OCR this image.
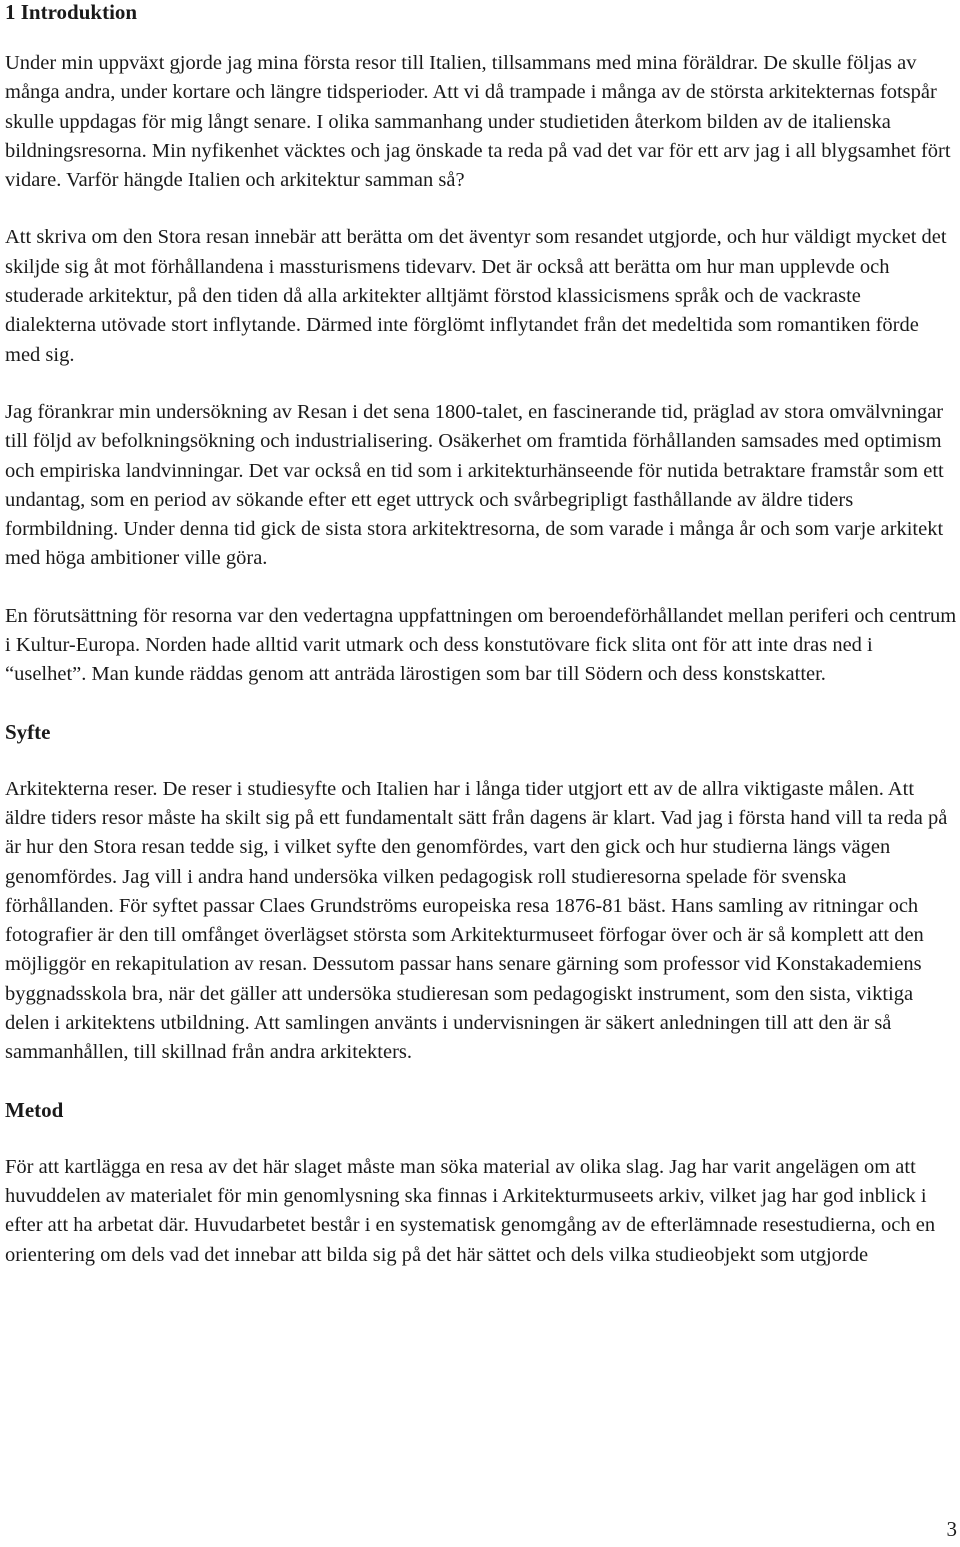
1 Introduktion

Under min uppväxt gjorde jag mina första resor till Italien, tillsammans med mina föräldrar. De skulle följas av många andra, under kortare och längre tidsperioder. Att vi då trampade i många av de största arkitekternas fotspår skulle uppdagas för mig långt senare. I olika sammanhang under studietiden återkom bilden av de italienska bildningsresorna. Min nyfikenhet väcktes och jag önskade ta reda på vad det var för ett arv jag i all blygsamhet fört vidare. Varför hängde Italien och arkitektur samman så?

Att skriva om den Stora resan innebär att berätta om det äventyr som resandet utgjorde, och hur väldigt mycket det skiljde sig åt mot förhållandena i massturismens tidevarv. Det är också att berätta om hur man upplevde och studerade arkitektur, på den tiden då alla arkitekter alltjämt förstod klassicismens språk och de vackraste dialekterna utövade stort inflytande. Därmed inte förglömt inflytandet från det medeltida som romantiken förde med sig.

Jag förankrar min undersökning av Resan i det sena 1800-talet, en fascinerande tid, präglad av stora omvälvningar till följd av befolkningsökning och industrialisering. Osäkerhet om framtida förhållanden samsades med optimism och empiriska landvinningar. Det var också en tid som i arkitekturhänseende för nutida betraktare framstår som ett undantag, som en period av sökande efter ett eget uttryck och svårbegripligt fasthållande av äldre tiders formbildning. Under denna tid gick de sista stora arkitektresorna, de som varade i många år och som varje arkitekt med höga ambitioner ville göra.

En förutsättning för resorna var den vedertagna uppfattningen om beroendeförhållandet mellan periferi och centrum i Kultur-Europa. Norden hade alltid varit utmark och dess konstutövare fick slita ont för att inte dras ned i “uselhet”. Man kunde räddas genom att anträda lärostigen som bar till Södern och dess konstskatter.

Syfte

Arkitekterna reser. De reser i studiesyfte och Italien har i långa tider utgjort ett av de allra viktigaste målen. Att äldre tiders resor måste ha skilt sig på ett fundamentalt sätt från dagens är klart. Vad jag i första hand vill ta reda på är hur den Stora resan tedde sig, i vilket syfte den genomfördes, vart den gick och hur studierna längs vägen genomfördes. Jag vill i andra hand undersöka vilken pedagogisk roll studieresorna spelade för svenska förhållanden. För syftet passar Claes Grundströms europeiska resa 1876-81 bäst. Hans samling av ritningar och fotografier är den till omfånget överlägset största som Arkitekturmuseet förfogar över och är så komplett att den möjliggör en rekapitulation av resan. Dessutom passar hans senare gärning som professor vid Konstakademiens byggnadsskola bra, när det gäller att undersöka studieresan som pedagogiskt instrument, som den sista, viktiga delen i arkitektens utbildning. Att samlingen använts i undervisningen är säkert anledningen till att den är så sammanhållen, till skillnad från andra arkitekters.

Metod

För att kartlägga en resa av det här slaget måste man söka material av olika slag. Jag har varit angelägen om att huvuddelen av materialet för min genomlysning ska finnas i Arkitekturmuseets arkiv, vilket jag har god inblick i efter att ha arbetat där. Huvudarbetet består i en systematisk genomgång av de efterlämnade resestudierna, och en orientering om dels vad det innebar att bilda sig på det här sättet och dels vilka studieobjekt som utgjorde

3
